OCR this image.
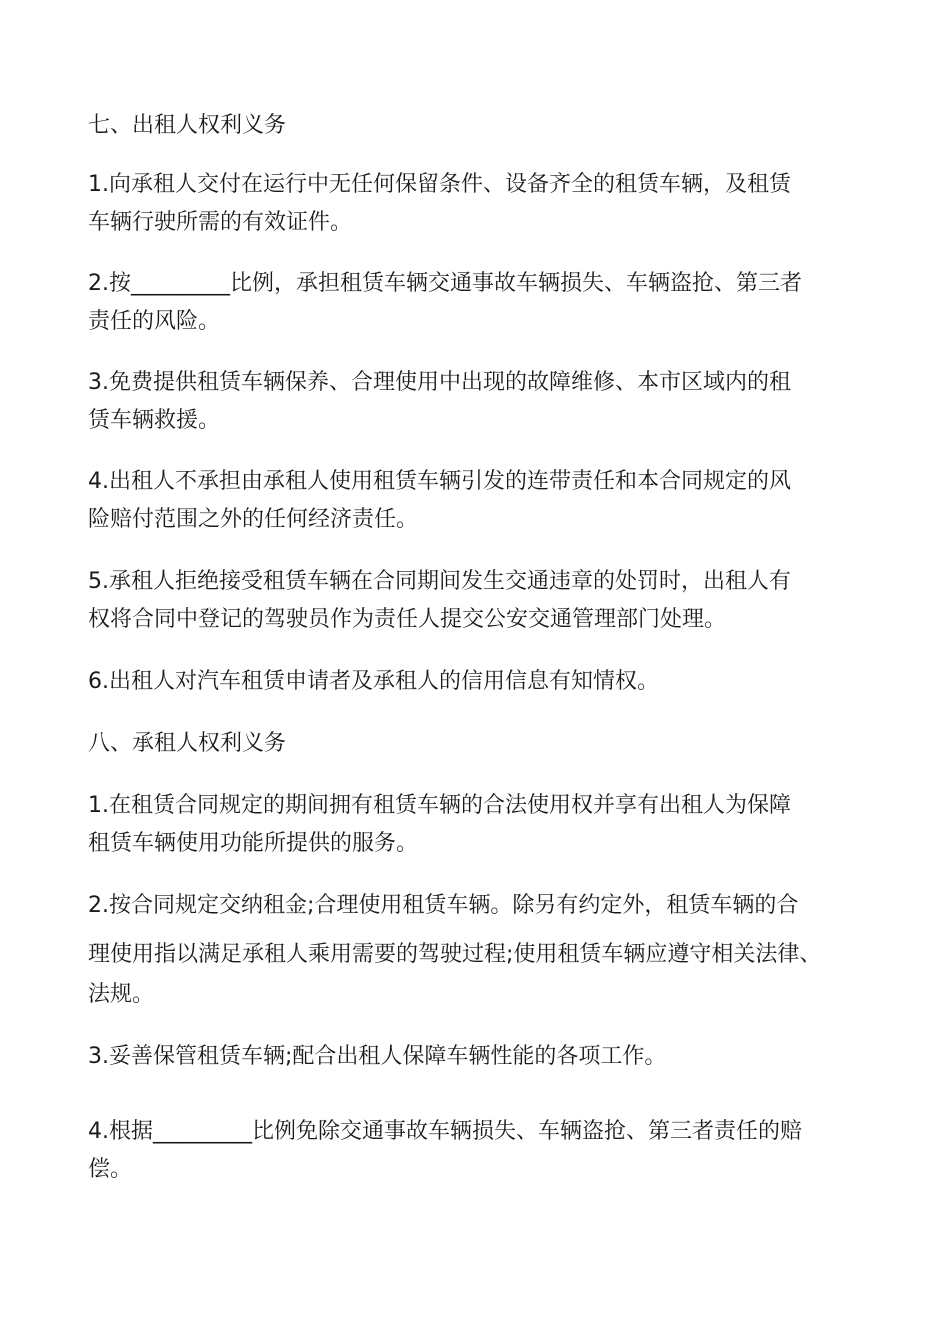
七、出租人权利义务
1.向承租人交付在运行中无任何保留条件、设备齐全的租赁车辆，及租赁
车辆行驶所需的有效证件。
2.按_________比例，承担租赁车辆交通事故车辆损失、车辆盗抢、第三者
责任的风险。
3.免费提供租赁车辆保养、合理使用中出现的故障维修、本市区域内的租
赁车辆救援。
4.出租人不承担由承租人使用租赁车辆引发的连带责任和本合同规定的风
险赔付范围之外的任何经济责任。
5.承租人拒绝接受租赁车辆在合同期间发生交通违章的处罚时，出租人有
权将合同中登记的驾驶员作为责任人提交公安交通管理部门处理。
6.出租人对汽车租赁申请者及承租人的信用信息有知情权。
八、承租人权利义务
1.在租赁合同规定的期间拥有租赁车辆的合法使用权并享有出租人为保障
租赁车辆使用功能所提供的服务。
2.按合同规定交纳租金;合理使用租赁车辆。除另有约定外，租赁车辆的合
理使用指以满足承租人乘用需要的驾驶过程;使用租赁车辆应遵守相关法律、
法规。
3.妥善保管租赁车辆;配合出租人保障车辆性能的各项工作。
4.根据_________比例免除交通事故车辆损失、车辆盗抢、第三者责任的赔
偿。
